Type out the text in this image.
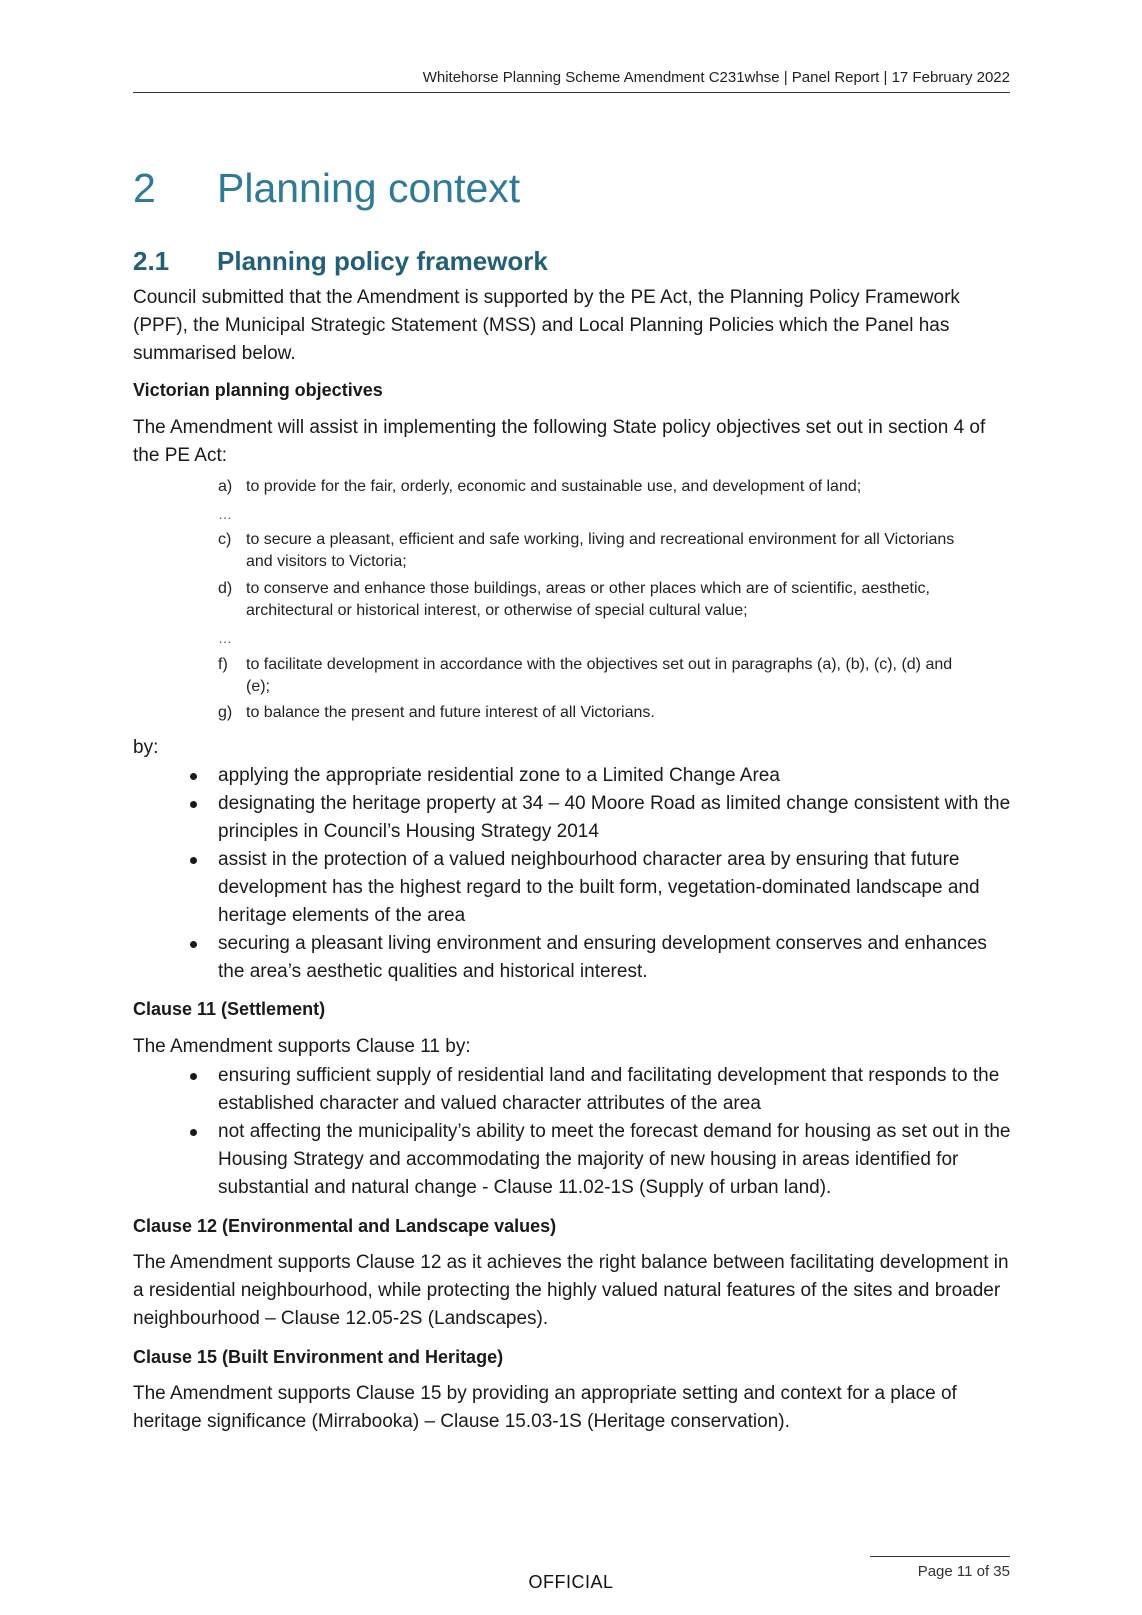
Whitehorse Planning Scheme Amendment C231whse | Panel Report | 17 February 2022
2 Planning context
2.1 Planning policy framework
Council submitted that the Amendment is supported by the PE Act, the Planning Policy Framework (PPF), the Municipal Strategic Statement (MSS) and Local Planning Policies which the Panel has summarised below.
Victorian planning objectives
The Amendment will assist in implementing the following State policy objectives set out in section 4 of the PE Act:
a) to provide for the fair, orderly, economic and sustainable use, and development of land;
…
c) to secure a pleasant, efficient and safe working, living and recreational environment for all Victorians and visitors to Victoria;
d) to conserve and enhance those buildings, areas or other places which are of scientific, aesthetic, architectural or historical interest, or otherwise of special cultural value;
…
f) to facilitate development in accordance with the objectives set out in paragraphs (a), (b), (c), (d) and (e);
g) to balance the present and future interest of all Victorians.
by:
applying the appropriate residential zone to a Limited Change Area
designating the heritage property at 34 – 40 Moore Road as limited change consistent with the principles in Council’s Housing Strategy 2014
assist in the protection of a valued neighbourhood character area by ensuring that future development has the highest regard to the built form, vegetation-dominated landscape and heritage elements of the area
securing a pleasant living environment and ensuring development conserves and enhances the area’s aesthetic qualities and historical interest.
Clause 11 (Settlement)
The Amendment supports Clause 11 by:
ensuring sufficient supply of residential land and facilitating development that responds to the established character and valued character attributes of the area
not affecting the municipality’s ability to meet the forecast demand for housing as set out in the Housing Strategy and accommodating the majority of new housing in areas identified for substantial and natural change - Clause 11.02-1S (Supply of urban land).
Clause 12 (Environmental and Landscape values)
The Amendment supports Clause 12 as it achieves the right balance between facilitating development in a residential neighbourhood, while protecting the highly valued natural features of the sites and broader neighbourhood – Clause 12.05-2S (Landscapes).
Clause 15 (Built Environment and Heritage)
The Amendment supports Clause 15 by providing an appropriate setting and context for a place of heritage significance (Mirrabooka) – Clause 15.03-1S (Heritage conservation).
Page 11 of 35
OFFICIAL
